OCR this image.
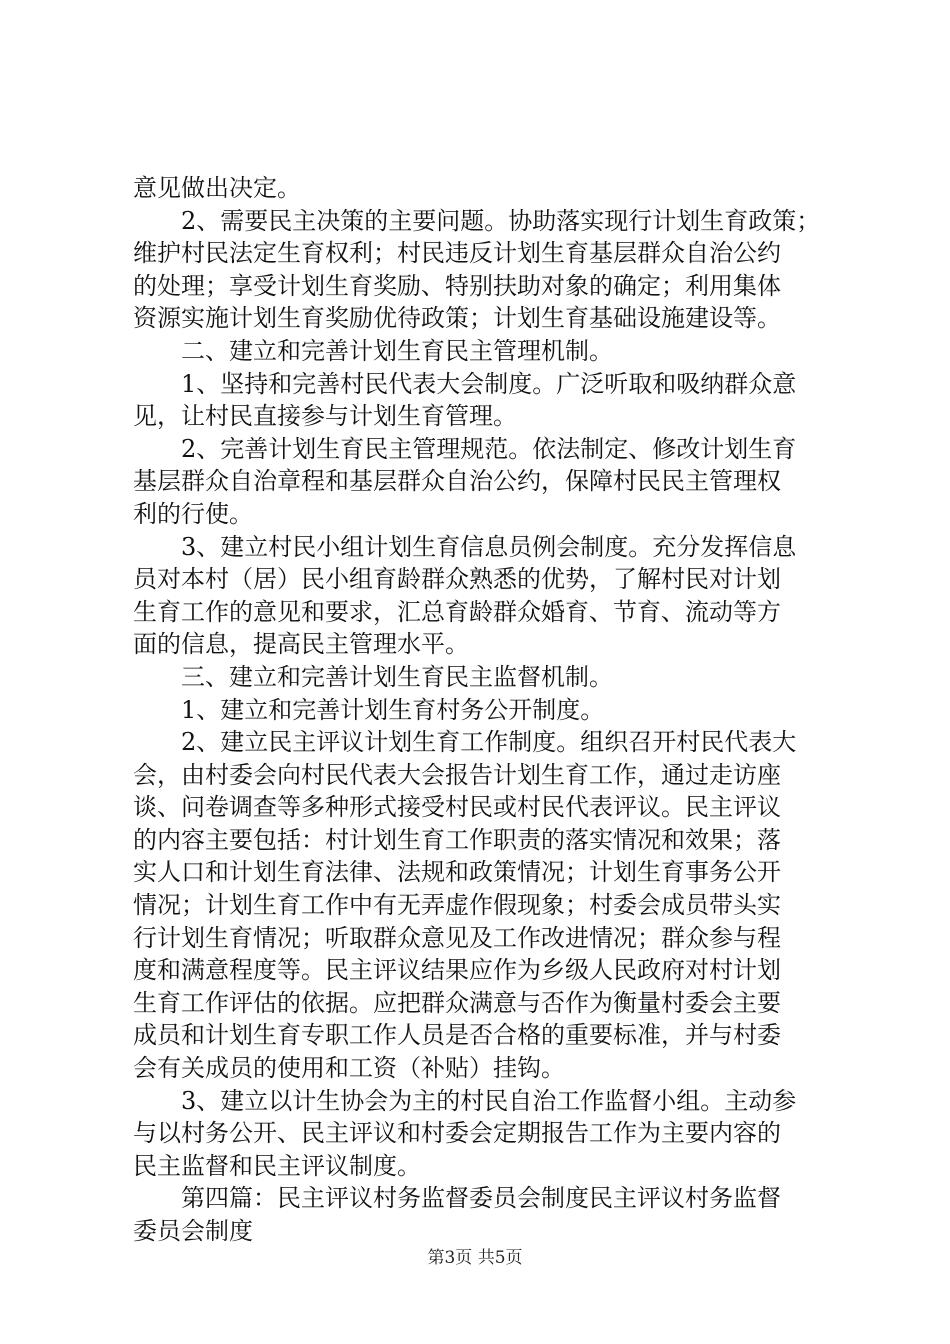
意见做出决定。
　　2、需要民主决策的主要问题。协助落实现行计划生育政策；
维护村民法定生育权利；村民违反计划生育基层群众自治公约
的处理；享受计划生育奖励、特别扶助对象的确定；利用集体
资源实施计划生育奖励优待政策；计划生育基础设施建设等。
　　二、建立和完善计划生育民主管理机制。
　　1、坚持和完善村民代表大会制度。广泛听取和吸纳群众意
见，让村民直接参与计划生育管理。
　　2、完善计划生育民主管理规范。依法制定、修改计划生育
基层群众自治章程和基层群众自治公约，保障村民民主管理权
利的行使。
　　3、建立村民小组计划生育信息员例会制度。充分发挥信息
员对本村（居）民小组育龄群众熟悉的优势，了解村民对计划
生育工作的意见和要求，汇总育龄群众婚育、节育、流动等方
面的信息，提高民主管理水平。
　　三、建立和完善计划生育民主监督机制。
　　1、建立和完善计划生育村务公开制度。
　　2、建立民主评议计划生育工作制度。组织召开村民代表大
会，由村委会向村民代表大会报告计划生育工作，通过走访座
谈、问卷调查等多种形式接受村民或村民代表评议。民主评议
的内容主要包括：村计划生育工作职责的落实情况和效果；落
实人口和计划生育法律、法规和政策情况；计划生育事务公开
情况；计划生育工作中有无弄虚作假现象；村委会成员带头实
行计划生育情况；听取群众意见及工作改进情况；群众参与程
度和满意程度等。民主评议结果应作为乡级人民政府对村计划
生育工作评估的依据。应把群众满意与否作为衡量村委会主要
成员和计划生育专职工作人员是否合格的重要标准，并与村委
会有关成员的使用和工资（补贴）挂钩。
　　3、建立以计生协会为主的村民自治工作监督小组。主动参
与以村务公开、民主评议和村委会定期报告工作为主要内容的
民主监督和民主评议制度。
　　第四篇：民主评议村务监督委员会制度民主评议村务监督
委员会制度
第3页 共5页
